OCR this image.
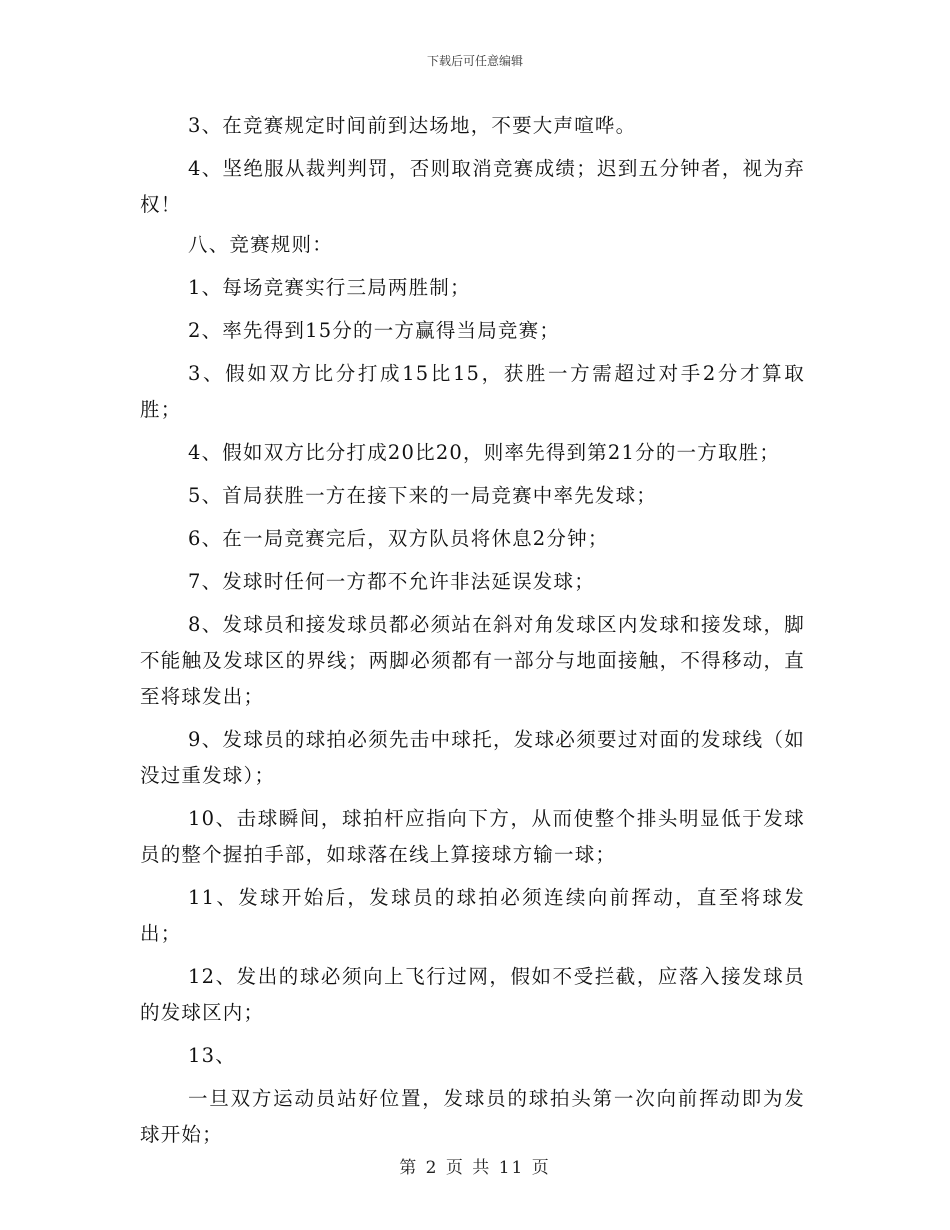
下载后可任意编辑

3、在竞赛规定时间前到达场地，不要大声喧哗。

4、坚绝服从裁判判罚，否则取消竞赛成绩；迟到五分钟者，视为弃权！

八、竞赛规则：

1、每场竞赛实行三局两胜制；

2、率先得到15分的一方赢得当局竞赛；

3、假如双方比分打成15比15，获胜一方需超过对手2分才算取胜；

4、假如双方比分打成20比20，则率先得到第21分的一方取胜；

5、首局获胜一方在接下来的一局竞赛中率先发球；

6、在一局竞赛完后，双方队员将休息2分钟；

7、发球时任何一方都不允许非法延误发球；

8、发球员和接发球员都必须站在斜对角发球区内发球和接发球，脚不能触及发球区的界线；两脚必须都有一部分与地面接触，不得移动，直至将球发出；

9、发球员的球拍必须先击中球托，发球必须要过对面的发球线（如没过重发球）；

10、击球瞬间，球拍杆应指向下方，从而使整个排头明显低于发球员的整个握拍手部，如球落在线上算接球方输一球；

11、发球开始后，发球员的球拍必须连续向前挥动，直至将球发出；

12、发出的球必须向上飞行过网，假如不受拦截，应落入接发球员的发球区内；

13、

一旦双方运动员站好位置，发球员的球拍头第一次向前挥动即为发球开始；

第 2 页 共 11 页
